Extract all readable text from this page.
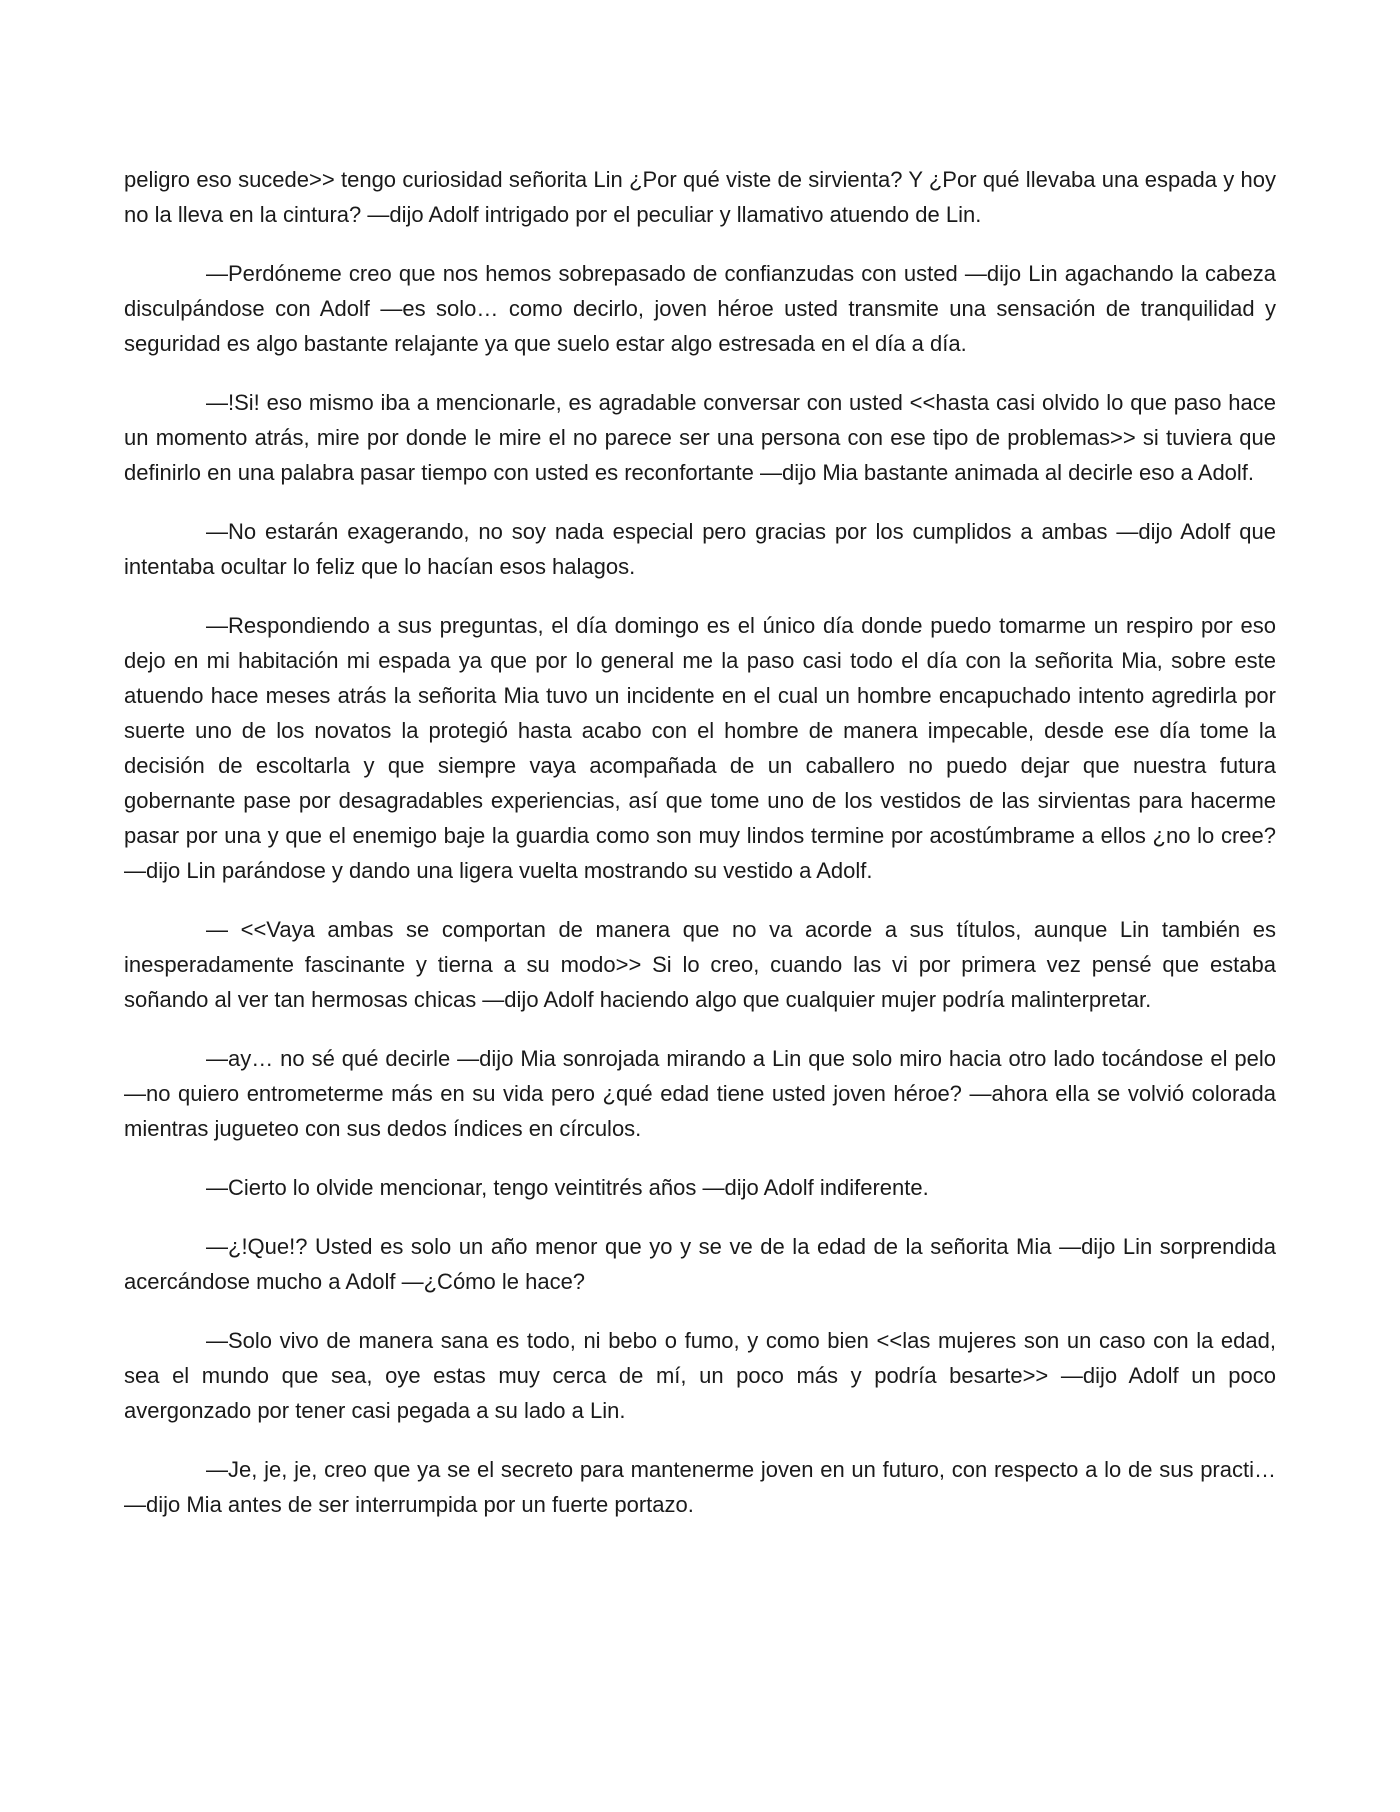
peligro eso sucede>> tengo curiosidad señorita Lin ¿Por qué viste de sirvienta? Y ¿Por qué llevaba una espada y hoy no la lleva en la cintura? —dijo Adolf intrigado por el peculiar y llamativo atuendo de Lin.

—Perdóneme creo que nos hemos sobrepasado de confianzudas con usted —dijo Lin agachando la cabeza disculpándose con Adolf —es solo… como decirlo, joven héroe usted transmite una sensación de tranquilidad y seguridad es algo bastante relajante ya que suelo estar algo estresada en el día a día.

—!Si! eso mismo iba a mencionarle, es agradable conversar con usted <<hasta casi olvido lo que paso hace un momento atrás, mire por donde le mire el no parece ser una persona con ese tipo de problemas>> si tuviera que definirlo en una palabra pasar tiempo con usted es reconfortante —dijo Mia bastante animada al decirle eso a Adolf.

—No estarán exagerando, no soy nada especial pero gracias por los cumplidos a ambas —dijo Adolf que intentaba ocultar lo feliz que lo hacían esos halagos.

—Respondiendo a sus preguntas, el día domingo es el único día donde puedo tomarme un respiro por eso dejo en mi habitación mi espada ya que por lo general me la paso casi todo el día con la señorita Mia, sobre este atuendo hace meses atrás la señorita Mia tuvo un incidente en el cual un hombre encapuchado intento agredirla por suerte uno de los novatos la protegió hasta acabo con el hombre de manera impecable, desde ese día tome la decisión de escoltarla y que siempre vaya acompañada de un caballero no puedo dejar que nuestra futura gobernante pase por desagradables experiencias, así que tome uno de los vestidos de las sirvientas para hacerme pasar por una y que el enemigo baje la guardia como son muy lindos termine por acostúmbrame a ellos ¿no lo cree? —dijo Lin parándose y dando una ligera vuelta mostrando su vestido a Adolf.

— <<Vaya ambas se comportan de manera que no va acorde a sus títulos, aunque Lin también es inesperadamente fascinante y tierna a su modo>> Si lo creo, cuando las vi por primera vez pensé que estaba soñando al ver tan hermosas chicas —dijo Adolf haciendo algo que cualquier mujer podría malinterpretar.

—ay… no sé qué decirle —dijo Mia sonrojada mirando a Lin que solo miro hacia otro lado tocándose el pelo —no quiero entrometerme más en su vida pero ¿qué edad tiene usted joven héroe? —ahora ella se volvió colorada mientras jugueteo con sus dedos índices en círculos.

—Cierto lo olvide mencionar, tengo veintitrés años —dijo Adolf indiferente.

—¿!Que!? Usted es solo un año menor que yo y se ve de la edad de la señorita Mia —dijo Lin sorprendida acercándose mucho a Adolf —¿Cómo le hace?

—Solo vivo de manera sana es todo, ni bebo o fumo, y como bien <<las mujeres son un caso con la edad, sea el mundo que sea, oye estas muy cerca de mí, un poco más y podría besarte>> —dijo Adolf un poco avergonzado por tener casi pegada a su lado a Lin.

—Je, je, je, creo que ya se el secreto para mantenerme joven en un futuro, con respecto a lo de sus practi… —dijo Mia antes de ser interrumpida por un fuerte portazo.
